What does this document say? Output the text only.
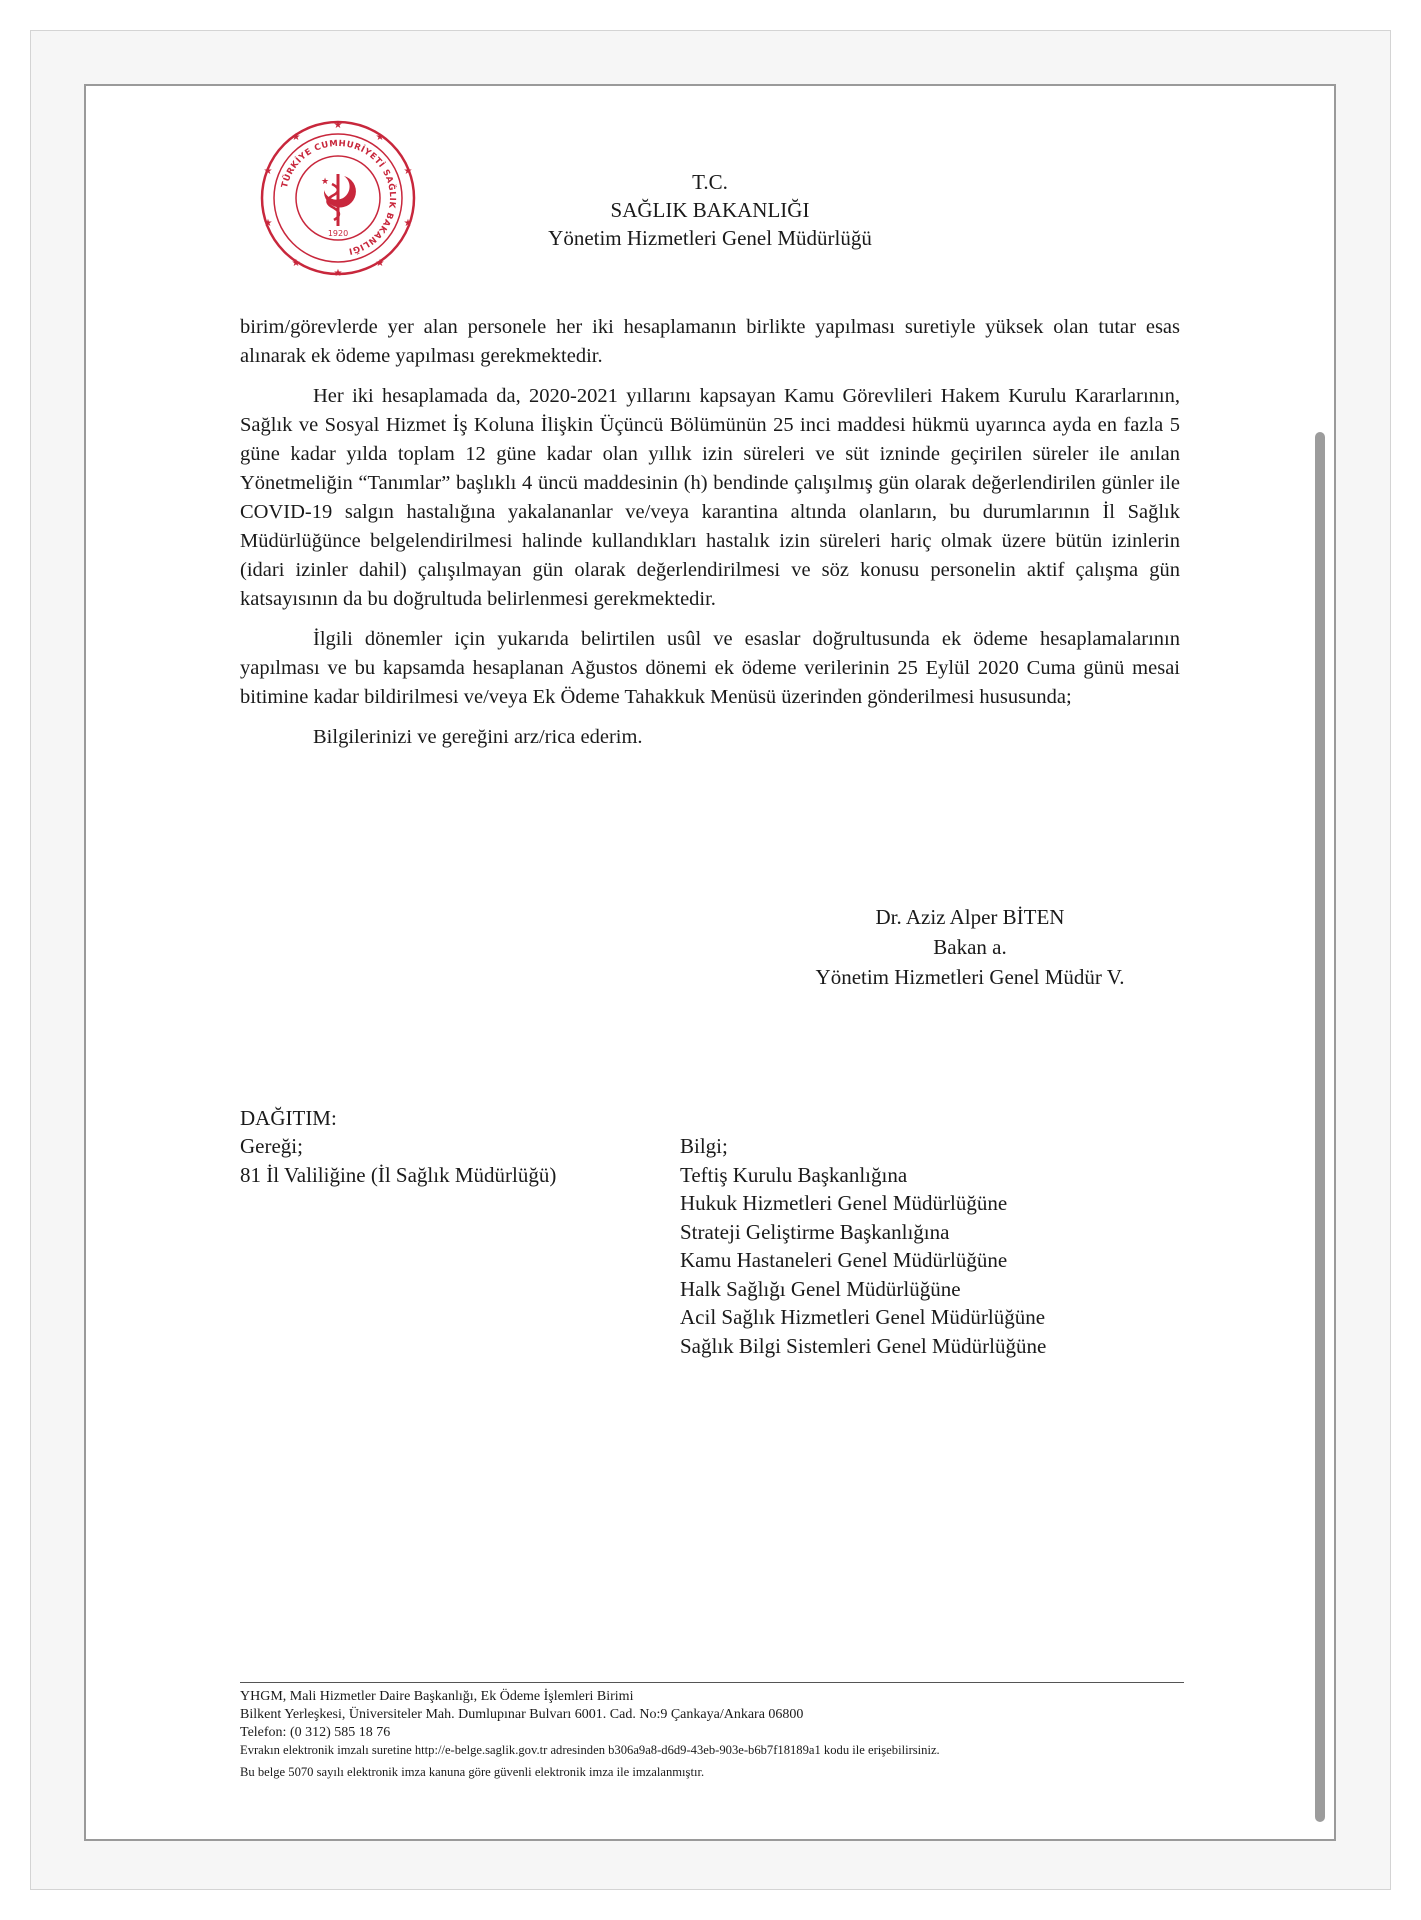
★
★
★
★
★
★
★
★
★
★
TÜRKİYE CUMHURİYETİ SAĞLIK BAKANLIĞI
★
1920
T.C.
SAĞLIK BAKANLIĞI
Yönetim Hizmetleri Genel Müdürlüğü

birim/görevlerde yer alan personele her iki hesaplamanın birlikte yapılması suretiyle yüksek olan tutar esas alınarak ek ödeme yapılması gerekmektedir.

Her iki hesaplamada da, 2020-2021 yıllarını kapsayan Kamu Görevlileri Hakem Kurulu Kararlarının, Sağlık ve Sosyal Hizmet İş Koluna İlişkin Üçüncü Bölümünün 25 inci maddesi hükmü uyarınca ayda en fazla 5 güne kadar yılda toplam 12 güne kadar olan yıllık izin süreleri ve süt izninde geçirilen süreler ile anılan Yönetmeliğin “Tanımlar” başlıklı 4 üncü maddesinin (h) bendinde çalışılmış gün olarak değerlendirilen günler ile COVID-19 salgın hastalığına yakalananlar ve/veya karantina altında olanların, bu durumlarının İl Sağlık Müdürlüğünce belgelendirilmesi halinde kullandıkları hastalık izin süreleri hariç olmak üzere bütün izinlerin (idari izinler dahil) çalışılmayan gün olarak değerlendirilmesi ve söz konusu personelin aktif çalışma gün katsayısının da bu doğrultuda belirlenmesi gerekmektedir.

İlgili dönemler için yukarıda belirtilen usûl ve esaslar doğrultusunda ek ödeme hesaplamalarının yapılması ve bu kapsamda hesaplanan Ağustos dönemi ek ödeme verilerinin 25 Eylül 2020 Cuma günü mesai bitimine kadar bildirilmesi ve/veya Ek Ödeme Tahakkuk Menüsü üzerinden gönderilmesi hususunda;

Bilgilerinizi ve gereğini arz/rica ederim.

Dr. Aziz Alper BİTEN
Bakan a.
Yönetim Hizmetleri Genel Müdür V.
DAĞITIM:
Gereği;
81 İl Valiliğine (İl Sağlık Müdürlüğü)
Bilgi;
Teftiş Kurulu Başkanlığına
Hukuk Hizmetleri Genel Müdürlüğüne
Strateji Geliştirme Başkanlığına
Kamu Hastaneleri Genel Müdürlüğüne
Halk Sağlığı Genel Müdürlüğüne
Acil Sağlık Hizmetleri Genel Müdürlüğüne
Sağlık Bilgi Sistemleri Genel Müdürlüğüne
YHGM, Mali Hizmetler Daire Başkanlığı, Ek Ödeme İşlemleri Birimi
Bilkent Yerleşkesi, Üniversiteler Mah. Dumlupınar Bulvarı 6001. Cad. No:9 Çankaya/Ankara 06800
Telefon: (0 312) 585 18 76
Evrakın elektronik imzalı suretine http://e-belge.saglik.gov.tr adresinden b306a9a8-d6d9-43eb-903e-b6b7f18189a1 kodu ile erişebilirsiniz.
Bu belge 5070 sayılı elektronik imza kanuna göre güvenli elektronik imza ile imzalanmıştır.
